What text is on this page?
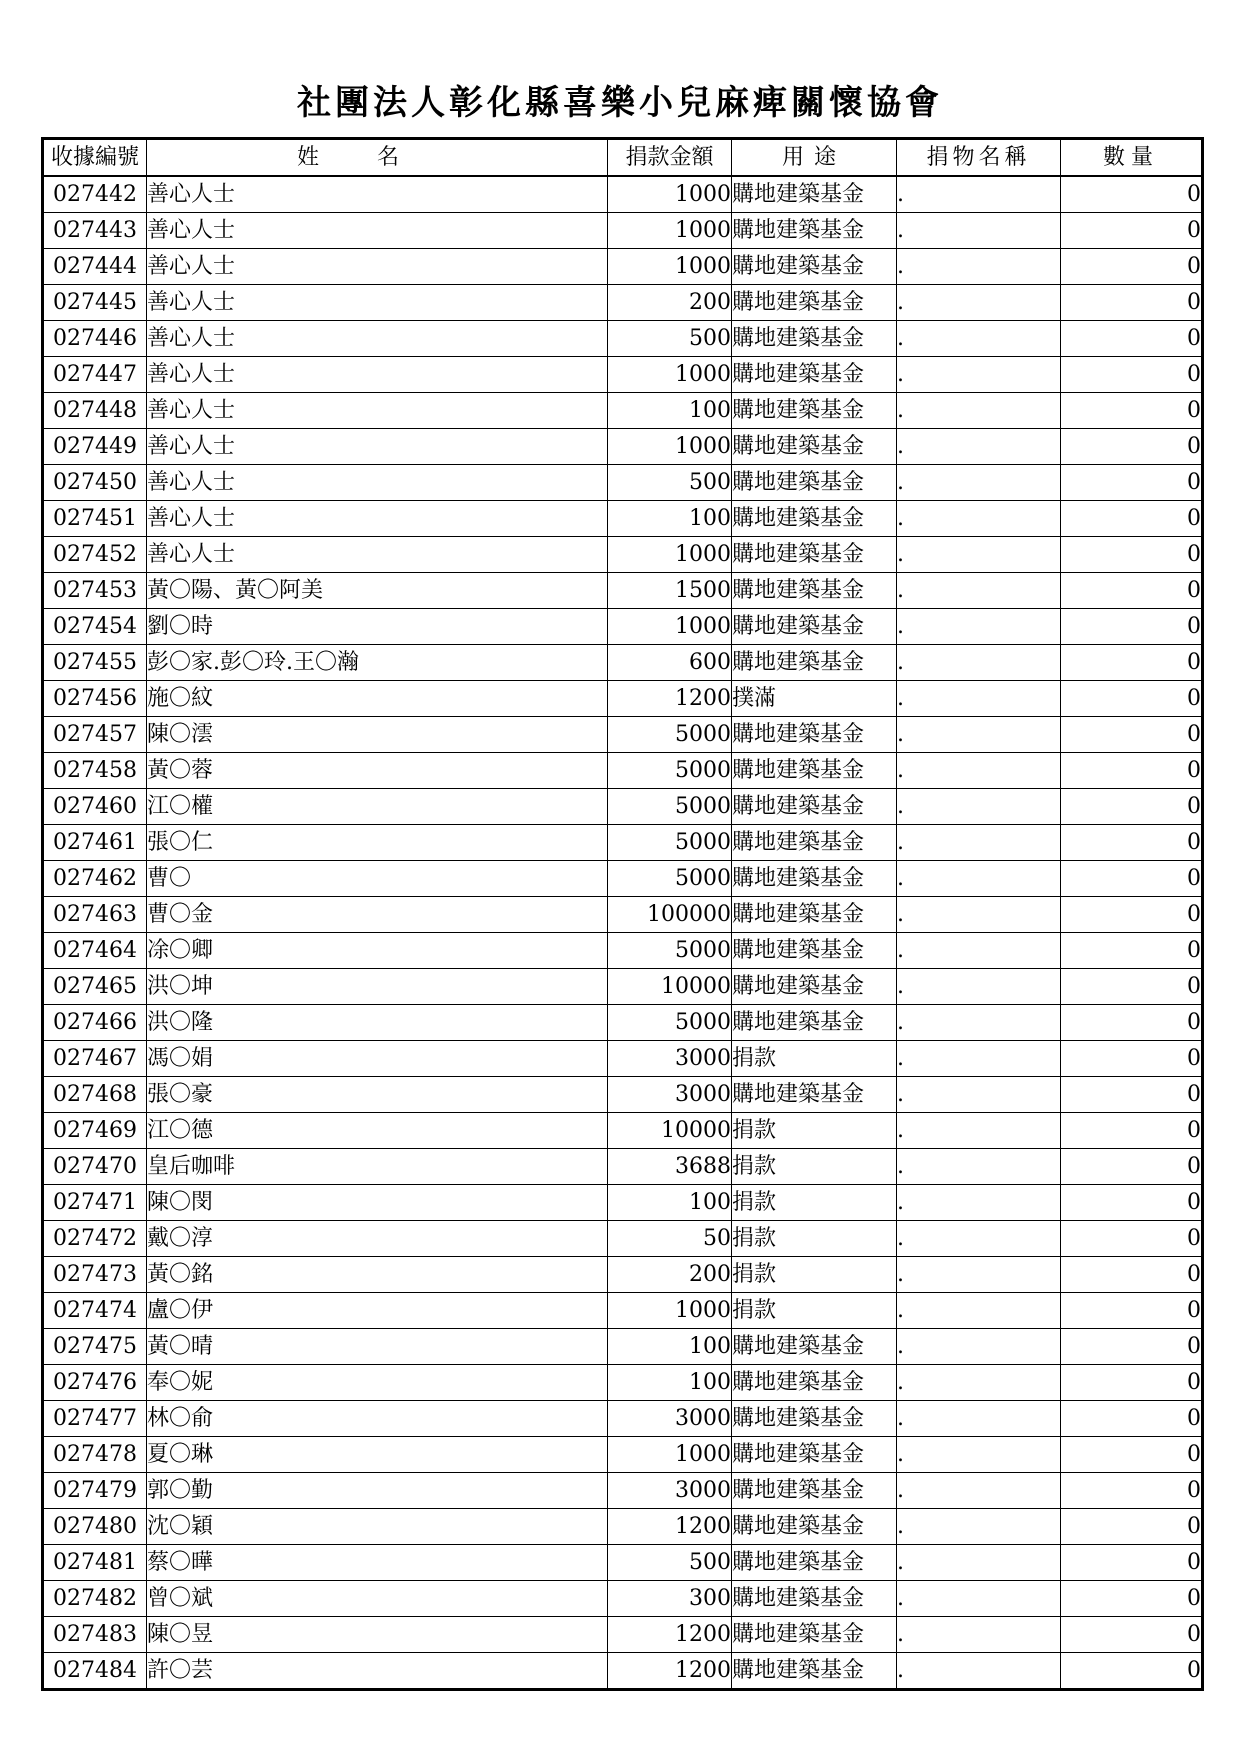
社團法人彰化縣喜樂小兒麻痺關懷協會
收據編號	姓名	捐款金額	用途	捐物名稱	數量
027442	善心人士	1000	購地建築基金	.	0
027443	善心人士	1000	購地建築基金	.	0
027444	善心人士	1000	購地建築基金	.	0
027445	善心人士	200	購地建築基金	.	0
027446	善心人士	500	購地建築基金	.	0
027447	善心人士	1000	購地建築基金	.	0
027448	善心人士	100	購地建築基金	.	0
027449	善心人士	1000	購地建築基金	.	0
027450	善心人士	500	購地建築基金	.	0
027451	善心人士	100	購地建築基金	.	0
027452	善心人士	1000	購地建築基金	.	0
027453	黃〇陽、黃〇阿美	1500	購地建築基金	.	0
027454	劉〇時	1000	購地建築基金	.	0
027455	彭〇家.彭〇玲.王〇瀚	600	購地建築基金	.	0
027456	施〇紋	1200	撲滿	.	0
027457	陳〇澐	5000	購地建築基金	.	0
027458	黃〇蓉	5000	購地建築基金	.	0
027460	江〇權	5000	購地建築基金	.	0
027461	張〇仁	5000	購地建築基金	.	0
027462	曹〇	5000	購地建築基金	.	0
027463	曹〇金	100000	購地建築基金	.	0
027464	凃〇卿	5000	購地建築基金	.	0
027465	洪〇坤	10000	購地建築基金	.	0
027466	洪〇隆	5000	購地建築基金	.	0
027467	馮〇娟	3000	捐款	.	0
027468	張〇豪	3000	購地建築基金	.	0
027469	江〇德	10000	捐款	.	0
027470	皇后咖啡	3688	捐款	.	0
027471	陳〇閔	100	捐款	.	0
027472	戴〇淳	50	捐款	.	0
027473	黃〇銘	200	捐款	.	0
027474	盧〇伊	1000	捐款	.	0
027475	黃〇晴	100	購地建築基金	.	0
027476	奉〇妮	100	購地建築基金	.	0
027477	林〇俞	3000	購地建築基金	.	0
027478	夏〇琳	1000	購地建築基金	.	0
027479	郭〇勤	3000	購地建築基金	.	0
027480	沈〇穎	1200	購地建築基金	.	0
027481	蔡〇曄	500	購地建築基金	.	0
027482	曾〇斌	300	購地建築基金	.	0
027483	陳〇昱	1200	購地建築基金	.	0
027484	許〇芸	1200	購地建築基金	.	0
